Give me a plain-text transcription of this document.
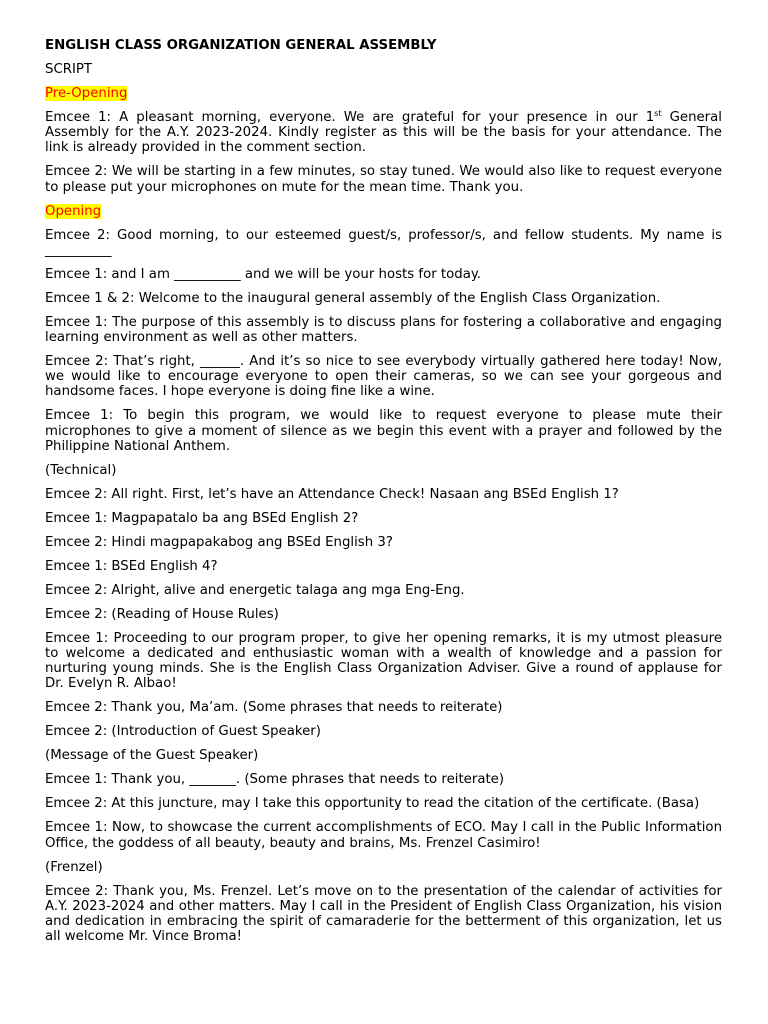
ENGLISH CLASS ORGANIZATION GENERAL ASSEMBLY

SCRIPT

Pre-Opening

Emcee 1: A pleasant morning, everyone. We are grateful for your presence in our 1st General Assembly for the A.Y. 2023-2024. Kindly register as this will be the basis for your attendance. The link is already provided in the comment section.

Emcee 2: We will be starting in a few minutes, so stay tuned. We would also like to request everyone to please put your microphones on mute for the mean time. Thank you.

Opening

Emcee 2: Good morning, to our esteemed guest/s, professor/s, and fellow students. My name is __________

Emcee 1: and I am __________ and we will be your hosts for today.

Emcee 1 & 2: Welcome to the inaugural general assembly of the English Class Organization.

Emcee 1: The purpose of this assembly is to discuss plans for fostering a collaborative and engaging learning environment as well as other matters.

Emcee 2: That’s right, ______. And it’s so nice to see everybody virtually gathered here today! Now, we would like to encourage everyone to open their cameras, so we can see your gorgeous and handsome faces. I hope everyone is doing fine like a wine.

Emcee 1: To begin this program, we would like to request everyone to please mute their microphones to give a moment of silence as we begin this event with a prayer and followed by the Philippine National Anthem.

(Technical)

Emcee 2: All right. First, let’s have an Attendance Check! Nasaan ang BSEd English 1?

Emcee 1: Magpapatalo ba ang BSEd English 2?

Emcee 2: Hindi magpapakabog ang BSEd English 3?

Emcee 1: BSEd English 4?

Emcee 2: Alright, alive and energetic talaga ang mga Eng-Eng.

Emcee 2: (Reading of House Rules)

Emcee 1: Proceeding to our program proper, to give her opening remarks, it is my utmost pleasure to welcome a dedicated and enthusiastic woman with a wealth of knowledge and a passion for nurturing young minds. She is the English Class Organization Adviser. Give a round of applause for Dr. Evelyn R. Albao!

Emcee 2: Thank you, Ma’am. (Some phrases that needs to reiterate)

Emcee 2: (Introduction of Guest Speaker)

(Message of the Guest Speaker)

Emcee 1: Thank you, _______. (Some phrases that needs to reiterate)

Emcee 2: At this juncture, may I take this opportunity to read the citation of the certificate. (Basa)

Emcee 1: Now, to showcase the current accomplishments of ECO. May I call in the Public Information Office, the goddess of all beauty, beauty and brains, Ms. Frenzel Casimiro!

(Frenzel)

Emcee 2: Thank you, Ms. Frenzel. Let’s move on to the presentation of the calendar of activities for A.Y. 2023-2024 and other matters. May I call in the President of English Class Organization, his vision and dedication in embracing the spirit of camaraderie for the betterment of this organization, let us all welcome Mr. Vince Broma!
